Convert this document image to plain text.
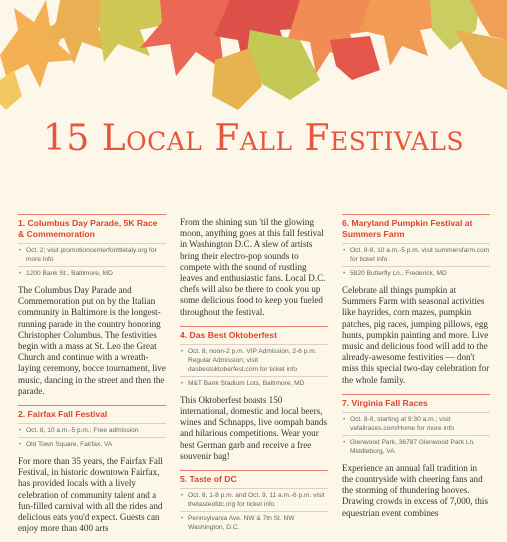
15 Local Fall Festivals
1. Columbus Day Parade, 5K Race & Commemoration
• Oct. 2; visit promotioncenterforittletaly.org for more info
• 1200 Bank St., Baltimore, MD
The Columbus Day Parade and Commemoration put on by the Italian community in Baltimore is the longest-running parade in the country honoring Christopher Columbus. The festivities begin with a mass at St. Leo the Great Church and continue with a wreath-laying ceremony, bocce tournament, live music, dancing in the street and then the parade.
2. Fairfax Fall Festival
• Oct. 8, 10 a.m.-5 p.m.; Free admission
• Old Town Square, Fairfax, VA
For more than 35 years, the Fairfax Fall Festival, in historic downtown Fairfax, has provided locals with a lively celebration of community talent and a fun-filled carnival with all the rides and delicious eats you'd expect. Guests can enjoy more than 400 arts
From the shining sun 'til the glowing moon, anything goes at this fall festival in Washington D.C. A slew of artists bring their electro-pop sounds to compete with the sound of rustling leaves and enthusiastic fans. Local D.C. chefs will also be there to cook you up some delicious food to keep you fueled throughout the festival.
4. Das Best Oktoberfest
• Oct. 8, noon-2 p.m. VIP Admission, 2-6 p.m. Regular Admission; visit dasbestoktoberfest.com for ticket info
• M&T Bank Stadium Lots, Baltimore, MD
This Oktoberfest boasts 150 international, domestic and local beers, wines and Schnapps, live oompah bands and hilarious competitions. Wear your best German garb and receive a free souvenir bag!
5. Taste of DC
• Oct. 8, 1-8 p.m. and Oct. 9, 11 a.m.-6 p.m. visit thetasteofdc.org for ticket info
• Pennsylvania Ave. NW & 7th St. NW Washington, D.C.
6. Maryland Pumpkin Festival at Summers Farm
• Oct. 8-9, 10 a.m.-5 p.m. visit summersfarm.com for ticket info
• 5820 Butterfly Ln., Frederick, MD
Celebrate all things pumpkin at Summers Farm with seasonal activities like hayrides, corn mazes, pumpkin patches, pig races, jumping pillows, egg hunts, pumpkin painting and more. Live music and delicious food will add to the already-awesome festivities — don't miss this special two-day celebration for the whole family.
7. Virginia Fall Races
• Oct. 8-9, starting at 9:30 a.m.; visit vafallraces.com/Home for more info
• Glenwood Park, 36787 Glenwood Park Ln. Middleburg, VA
Experience an annual fall tradition in the countryside with cheering fans and the storming of thundering hooves. Drawing crowds in excess of 7,000, this equestrian event combines
